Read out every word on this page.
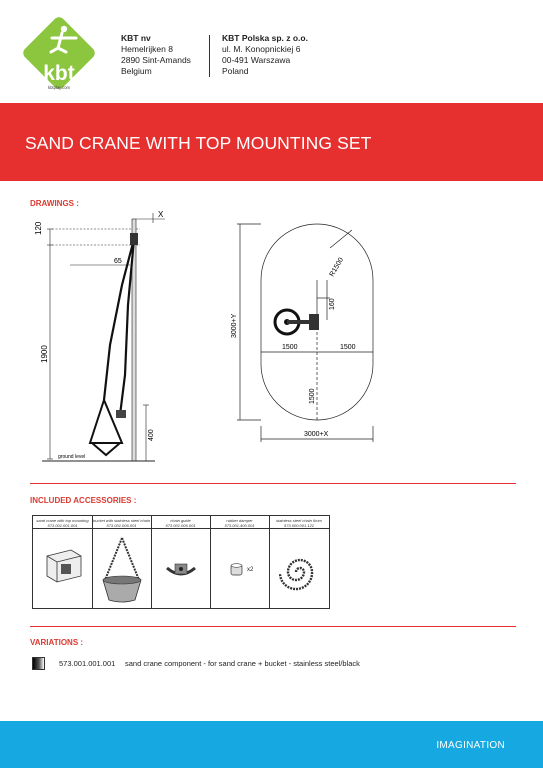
kbt
kbtplay.com
KBT nv
Hemelrijken 8
2890 Sint-Amands
Belgium
KBT Polska sp. z o.o.
ul. M. Konopnickiej 6
00-491 Warszawa
Poland
SAND CRANE WITH TOP MOUNTING SET
DRAWINGS :
120
X
65
1900
400
ground level
R1500
160
1500	1500
1500
3000+Y
3000+X
INCLUDED ACCESSORIES :
sand crane with top mounting
573.001.001.001
bucket with stainless steel chain
573.001.006.001
chain guide
573.001.006.001
rubber damper
573.001.400.001
stainless steel chain 6mm
573.000.001.121
x2
VARIATIONS :
573.001.001.001 sand crane component - for sand crane + bucket - stainless steel/black
IMAGINATION
